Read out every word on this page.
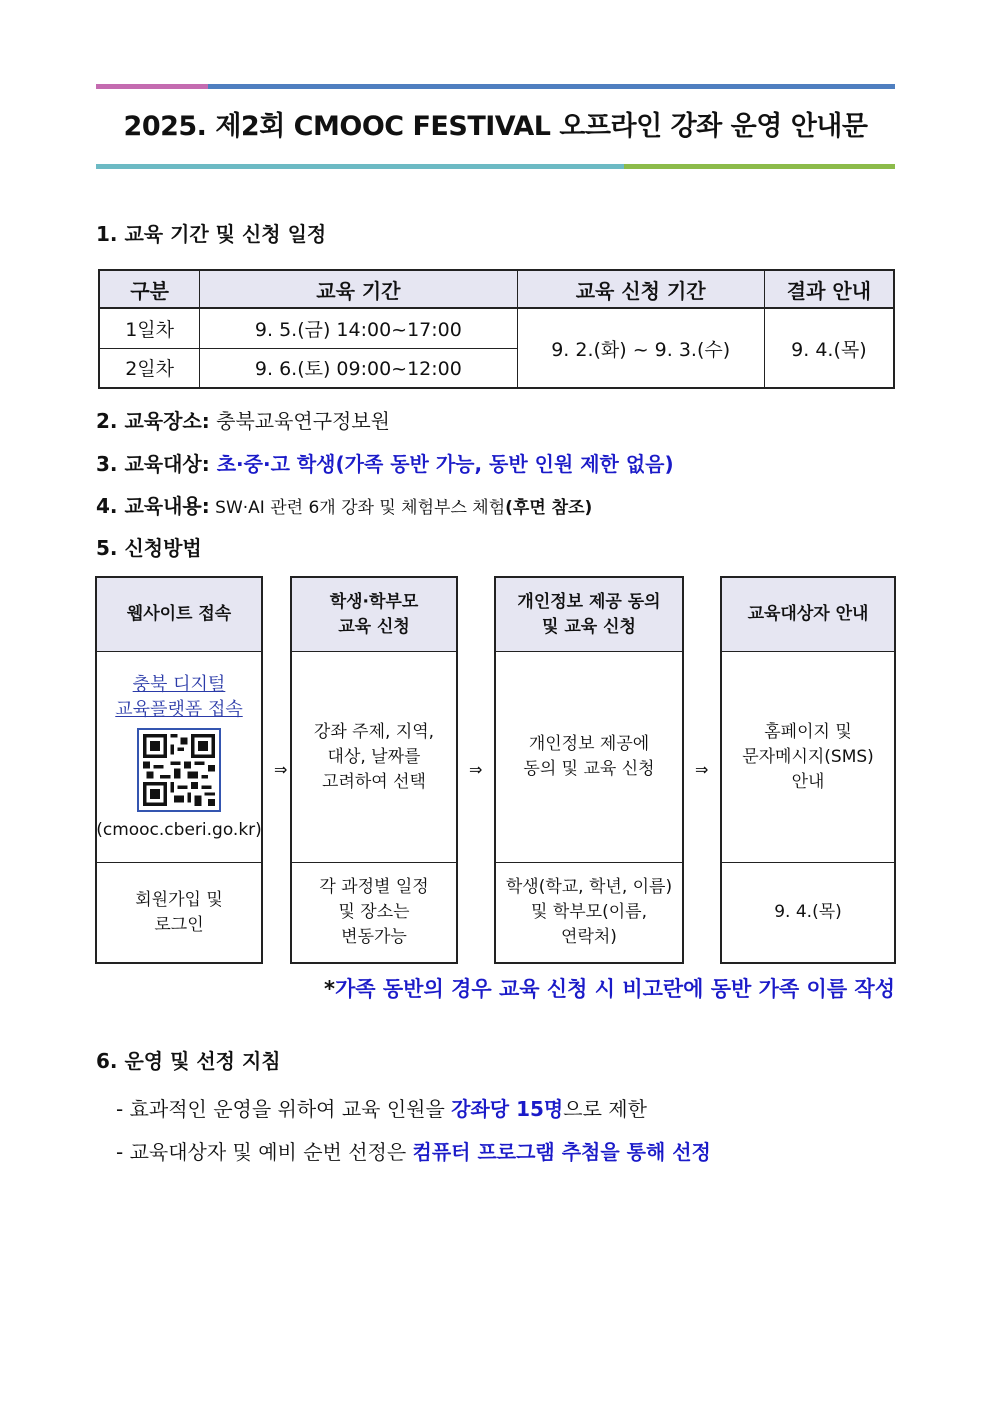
2025. 제2회 CMOOC FESTIVAL 오프라인 강좌 운영 안내문
1. 교육 기간 및 신청 일정
구분	교육 기간	교육 신청 기간	결과 안내
1일차	9. 5.(금) 14:00~17:00	9. 2.(화) ~ 9. 3.(수)	9. 4.(목)
2일차	9. 6.(토) 09:00~12:00		
2. 교육장소: 충북교육연구정보원
3. 교육대상: 초·중·고 학생(가족 동반 가능, 동반 인원 제한 없음)
4. 교육내용: SW·AI 관련 6개 강좌 및 체험부스 체험(후면 참조)
5. 신청방법
웹사이트 접속
충북 디지털
교육플랫폼 접속
(cmooc.cberi.go.kr)
회원가입 및
로그인
⇒
학생·학부모
교육 신청
강좌 주제, 지역,
대상, 날짜를
고려하여 선택
각 과정별 일정
및 장소는
변동가능
⇒
개인정보 제공 동의
및 교육 신청
개인정보 제공에
동의 및 교육 신청
학생(학교, 학년, 이름)
및 학부모(이름,
연락처)
⇒
교육대상자 안내
홈페이지 및
문자메시지(SMS)
안내
9. 4.(목)
*가족 동반의 경우 교육 신청 시 비고란에 동반 가족 이름 작성
6. 운영 및 선정 지침
- 효과적인 운영을 위하여 교육 인원을 강좌당 15명으로 제한
- 교육대상자 및 예비 순번 선정은 컴퓨터 프로그램 추첨을 통해 선정
